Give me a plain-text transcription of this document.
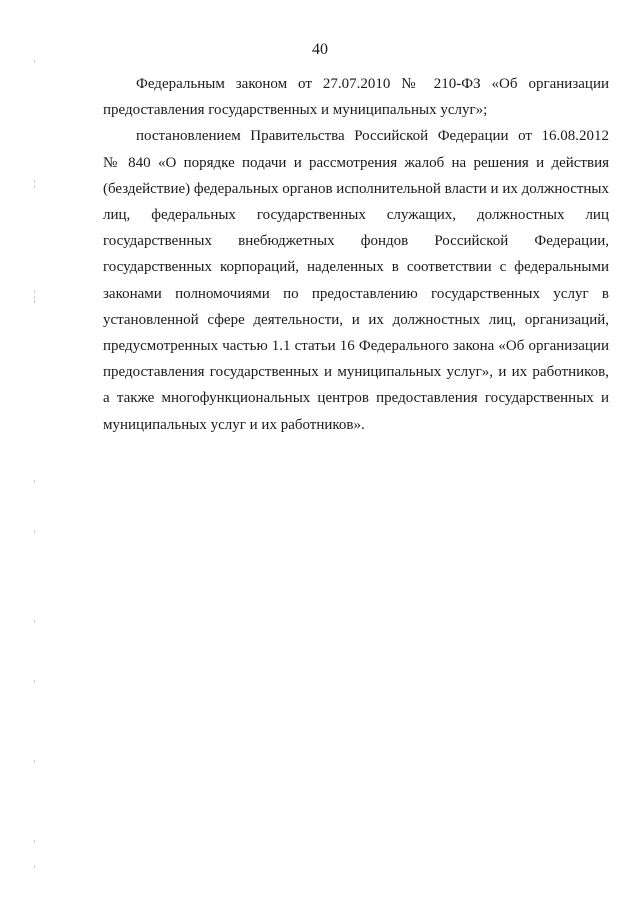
40

Федеральным законом от 27.07.2010 № 210-ФЗ «Об организации
предоставления государственных и муниципальных услуг»;

постановлением Правительства Российской Федерации от 16.08.2012
№ 840 «О порядке подачи и рассмотрения жалоб на решения и действия
(бездействие) федеральных органов исполнительной власти и их должностных
лиц, федеральных государственных служащих, должностных лиц
государственных внебюджетных фондов Российской Федерации,
государственных корпораций, наделенных в соответствии с федеральными
законами полномочиями по предоставлению государственных услуг в
установленной сфере деятельности, и их должностных лиц, организаций,
предусмотренных частью 1.1 статьи 16 Федерального закона «Об организации
предоставления государственных и муниципальных услуг», и их работников,
а также многофункциональных центров предоставления государственных и
муниципальных услуг и их работников».
